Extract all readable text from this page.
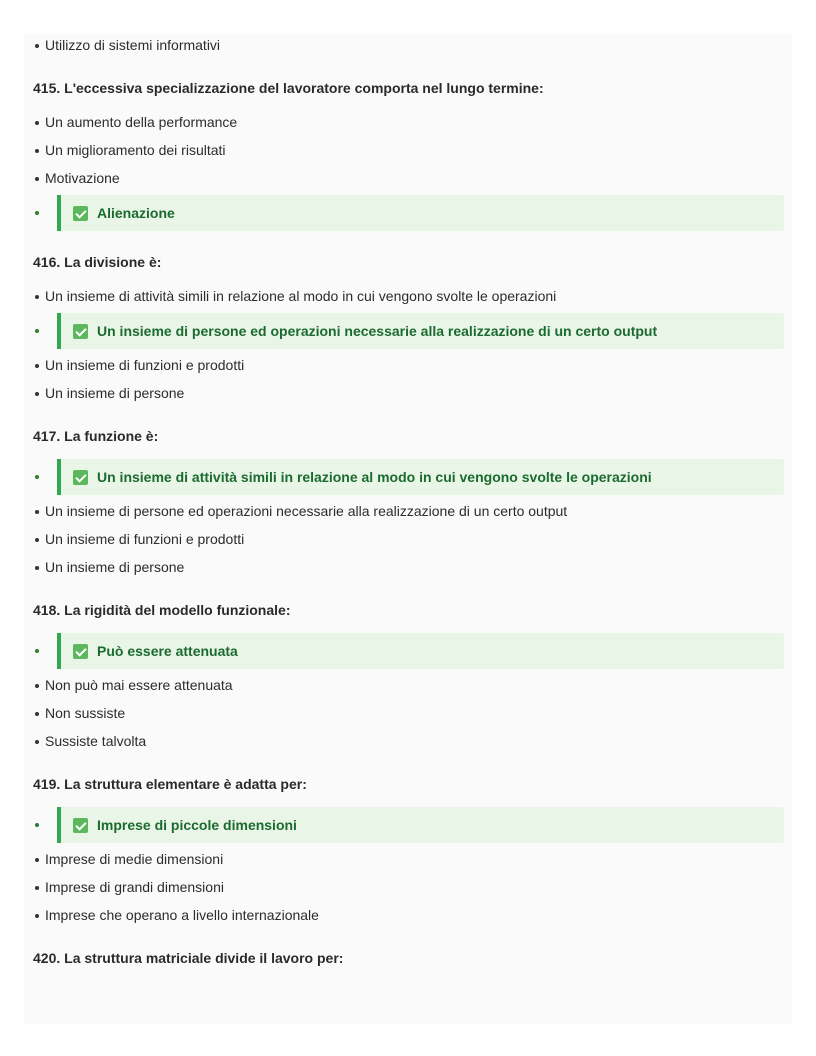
Utilizzo di sistemi informativi
415. L'eccessiva specializzazione del lavoratore comporta nel lungo termine:
Un aumento della performance
Un miglioramento dei risultati
Motivazione
Alienazione
416. La divisione è:
Un insieme di attività simili in relazione al modo in cui vengono svolte le operazioni
Un insieme di persone ed operazioni necessarie alla realizzazione di un certo output
Un insieme di funzioni e prodotti
Un insieme di persone
417. La funzione è:
Un insieme di attività simili in relazione al modo in cui vengono svolte le operazioni
Un insieme di persone ed operazioni necessarie alla realizzazione di un certo output
Un insieme di funzioni e prodotti
Un insieme di persone
418. La rigidità del modello funzionale:
Può essere attenuata
Non può mai essere attenuata
Non sussiste
Sussiste talvolta
419. La struttura elementare è adatta per:
Imprese di piccole dimensioni
Imprese di medie dimensioni
Imprese di grandi dimensioni
Imprese che operano a livello internazionale
420. La struttura matriciale divide il lavoro per:
